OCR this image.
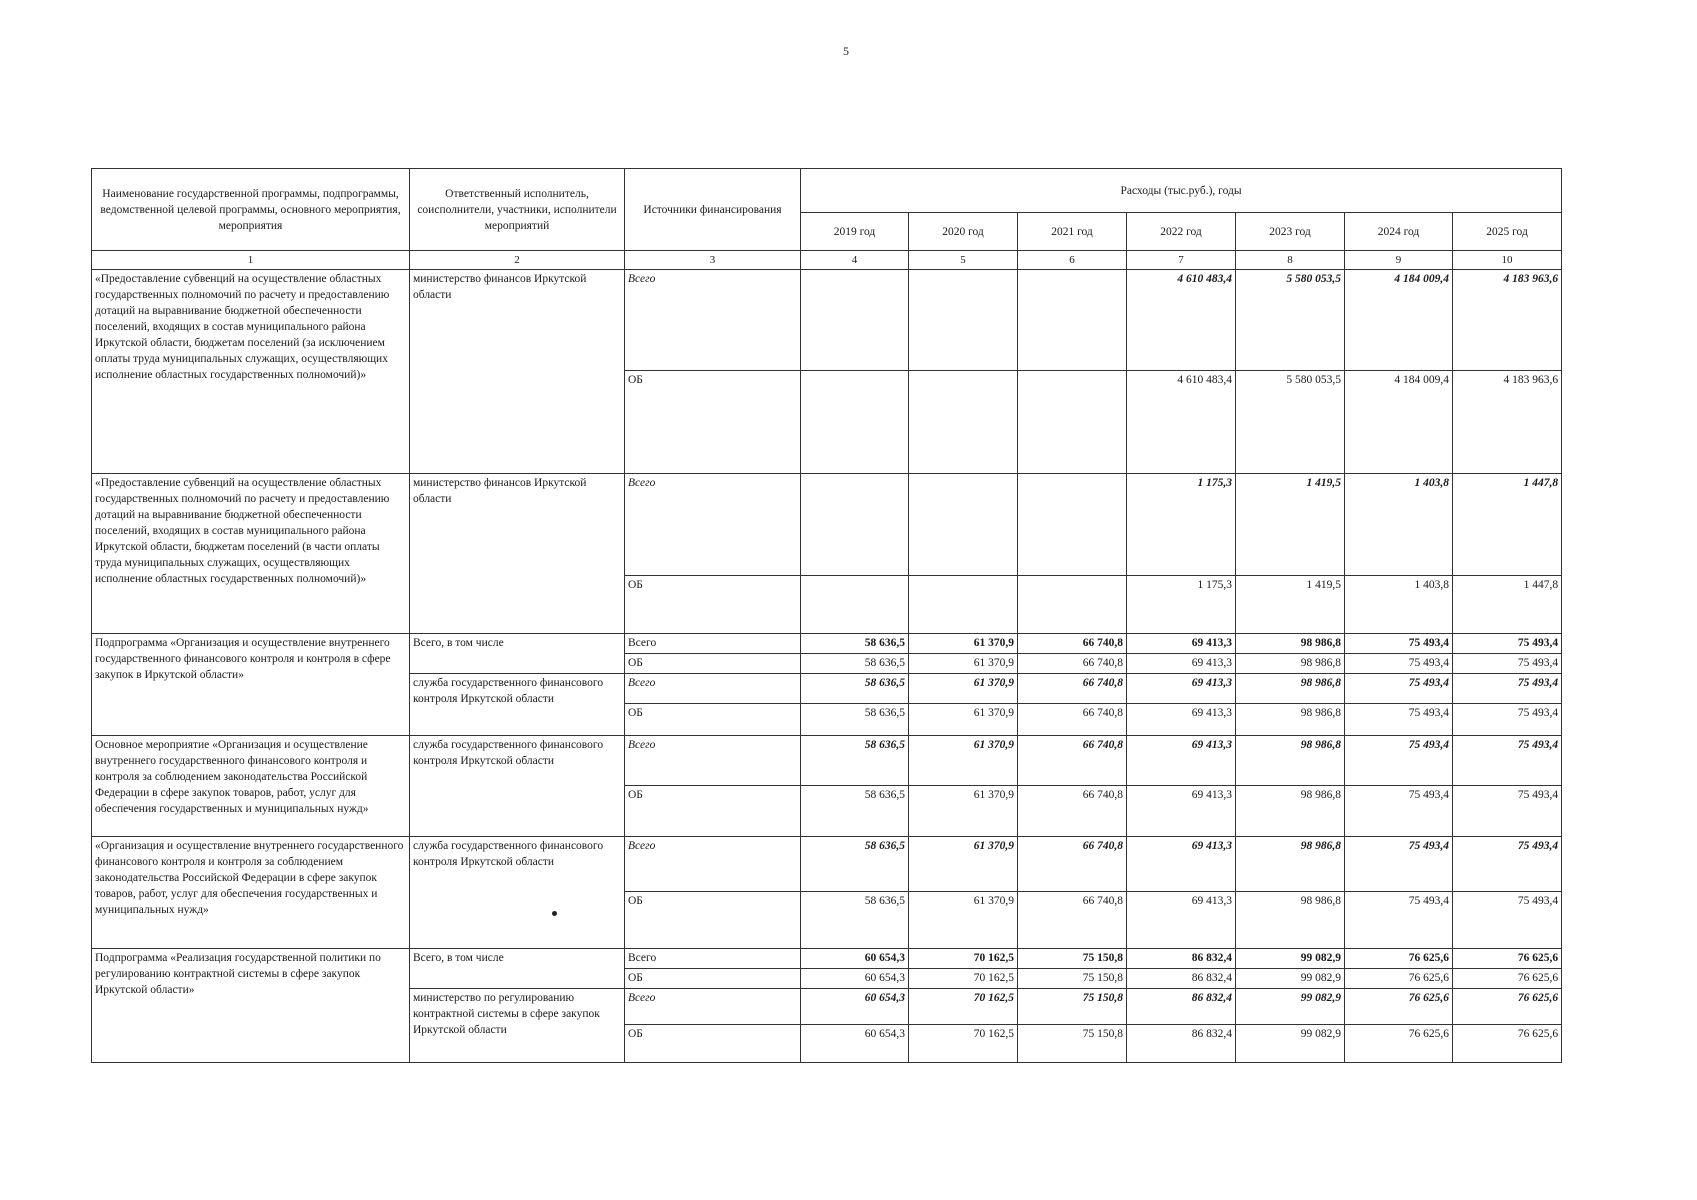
5
Наименование государственной программы, подпрограммы, ведомственной целевой программы, основного мероприятия, мероприятия	Ответственный исполнитель, соисполнители, участники, исполнители мероприятий	Источники финансирования	Расходы (тыс.руб.), годы						
			2019 год	2020 год	2021 год	2022 год	2023 год	2024 год	2025 год
1	2	3	4	5	6	7	8	9	10
«Предоставление субвенций на осуществление областных государственных полномочий по расчету и предоставлению дотаций на выравнивание бюджетной обеспеченности поселений, входящих в состав муниципального района Иркутской области, бюджетам поселений (за исключением оплаты труда муниципальных служащих, осуществляющих исполнение областных государственных полномочий)»	министерство финансов Иркутской области	Всего				4 610 483,4	5 580 053,5	4 184 009,4	4 183 963,6
		ОБ				4 610 483,4	5 580 053,5	4 184 009,4	4 183 963,6
«Предоставление субвенций на осуществление областных государственных полномочий по расчету и предоставлению дотаций на выравнивание бюджетной обеспеченности поселений, входящих в состав муниципального района Иркутской области, бюджетам поселений (в части оплаты труда муниципальных служащих, осуществляющих исполнение областных государственных полномочий)»	министерство финансов Иркутской области	Всего				1 175,3	1 419,5	1 403,8	1 447,8
		ОБ				1 175,3	1 419,5	1 403,8	1 447,8
Подпрограмма «Организация и осуществление внутреннего государственного финансового контроля и контроля в сфере закупок в Иркутской области»	Всего, в том числе	Всего	58 636,5	61 370,9	66 740,8	69 413,3	98 986,8	75 493,4	75 493,4
		ОБ	58 636,5	61 370,9	66 740,8	69 413,3	98 986,8	75 493,4	75 493,4
	служба государственного финансового контроля Иркутской области	Всего	58 636,5	61 370,9	66 740,8	69 413,3	98 986,8	75 493,4	75 493,4
		ОБ	58 636,5	61 370,9	66 740,8	69 413,3	98 986,8	75 493,4	75 493,4
Основное мероприятие «Организация и осуществление внутреннего государственного финансового контроля и контроля за соблюдением законодательства Российской Федерации в сфере закупок товаров, работ, услуг для обеспечения государственных и муниципальных нужд»	служба государственного финансового контроля Иркутской области	Всего	58 636,5	61 370,9	66 740,8	69 413,3	98 986,8	75 493,4	75 493,4
		ОБ	58 636,5	61 370,9	66 740,8	69 413,3	98 986,8	75 493,4	75 493,4
«Организация и осуществление внутреннего государственного финансового контроля и контроля за соблюдением законодательства Российской Федерации в сфере закупок товаров, работ, услуг для обеспечения государственных и муниципальных нужд»	служба государственного финансового контроля Иркутской области	Всего	58 636,5	61 370,9	66 740,8	69 413,3	98 986,8	75 493,4	75 493,4
		ОБ	58 636,5	61 370,9	66 740,8	69 413,3	98 986,8	75 493,4	75 493,4
Подпрограмма «Реализация государственной политики по регулированию контрактной системы в сфере закупок Иркутской области»	Всего, в том числе	Всего	60 654,3	70 162,5	75 150,8	86 832,4	99 082,9	76 625,6	76 625,6
		ОБ	60 654,3	70 162,5	75 150,8	86 832,4	99 082,9	76 625,6	76 625,6
	министерство по регулированию контрактной системы в сфере закупок Иркутской области	Всего	60 654,3	70 162,5	75 150,8	86 832,4	99 082,9	76 625,6	76 625,6
		ОБ	60 654,3	70 162,5	75 150,8	86 832,4	99 082,9	76 625,6	76 625,6
